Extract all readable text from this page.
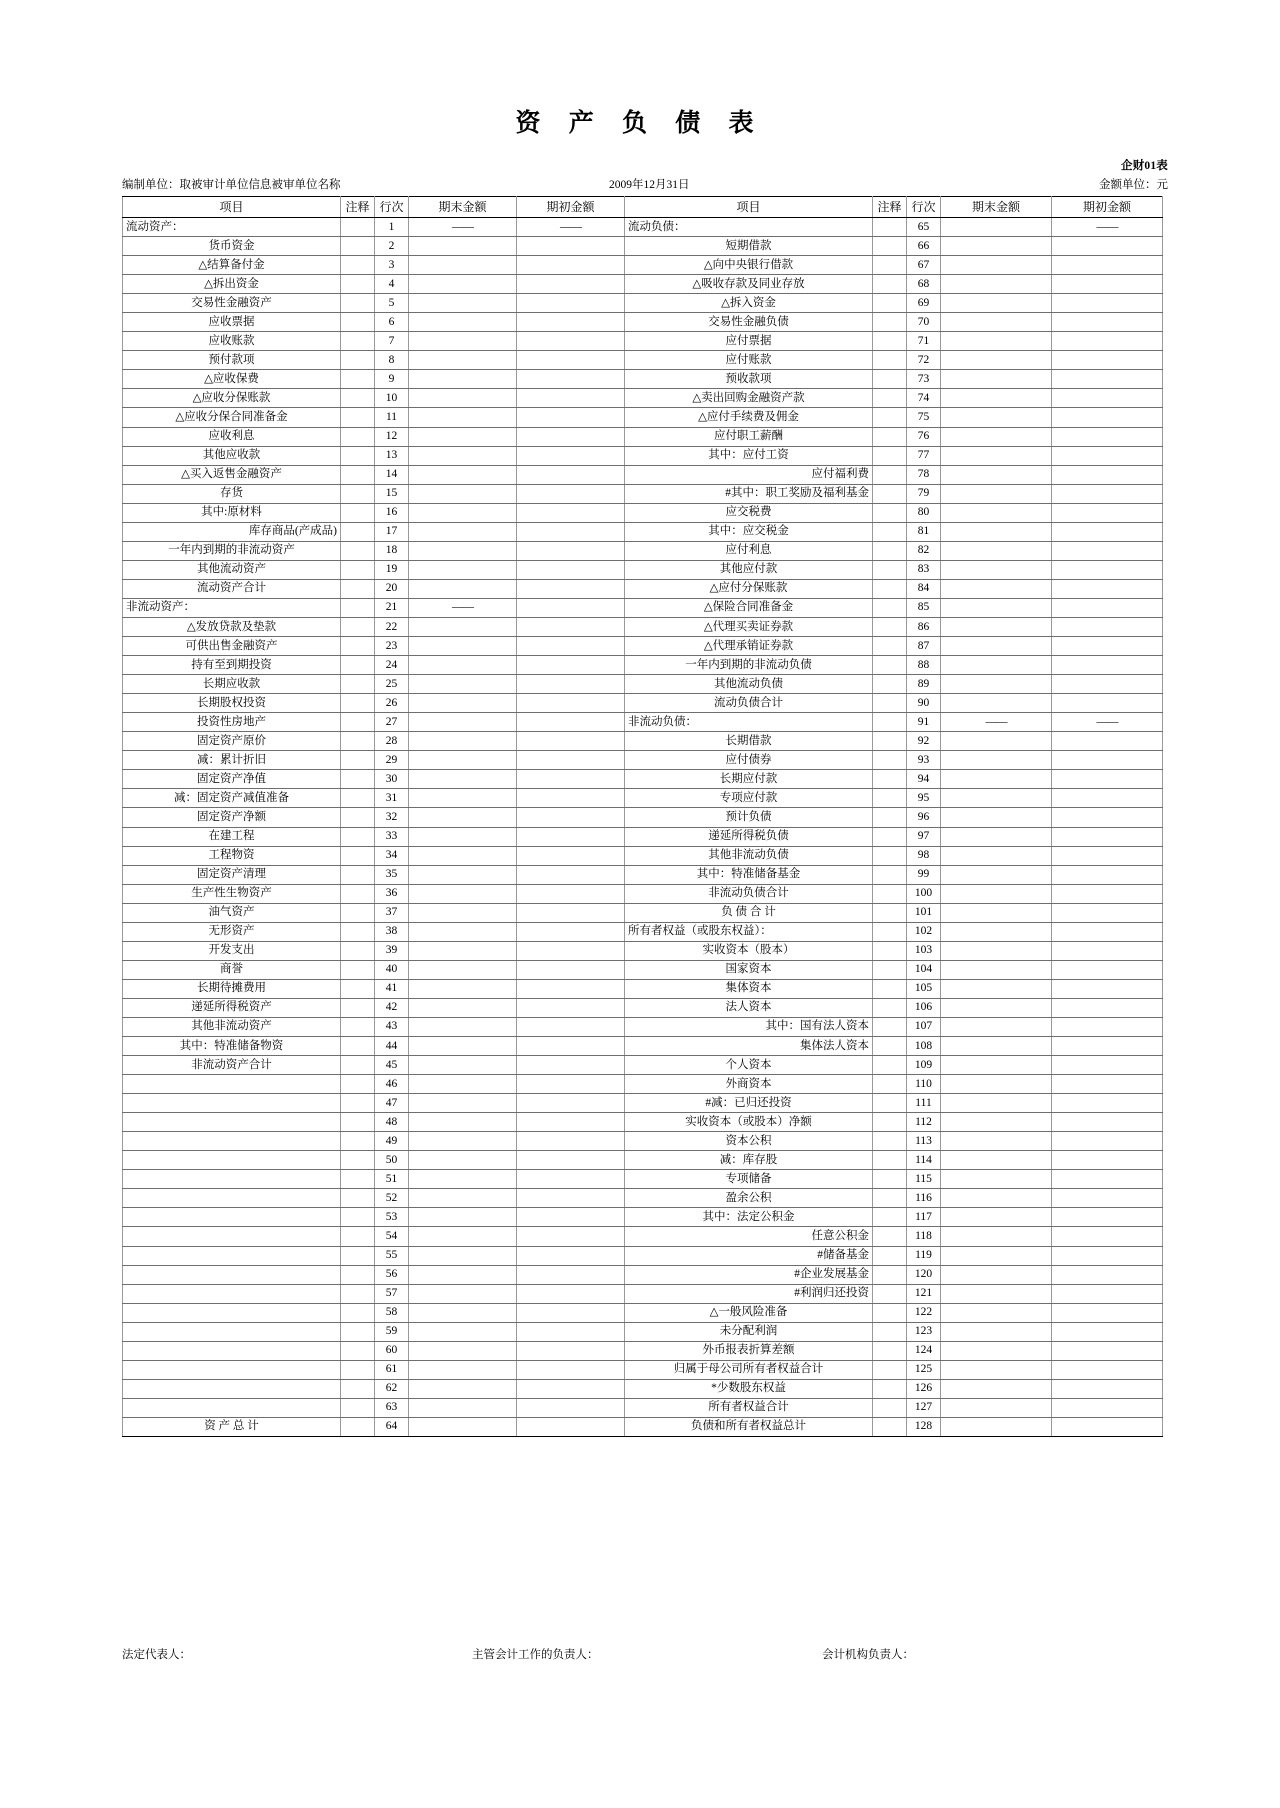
资 产 负 债 表
企财01表
编制单位：取被审计单位信息被审单位名称	2009年12月31日	金额单位：元
项目	注释	行次	期末金额	期初金额	项目	注释	行次	期末金额	期初金额
流动资产：		1	——	——	流动负债：		65		——
货币资金		2			短期借款		66		
△结算备付金		3			△向中央银行借款		67		
△拆出资金		4			△吸收存款及同业存放		68		
交易性金融资产		5			△拆入资金		69		
应收票据		6			交易性金融负债		70		
应收账款		7			应付票据		71		
预付款项		8			应付账款		72		
△应收保费		9			预收款项		73		
△应收分保账款		10			△卖出回购金融资产款		74		
△应收分保合同准备金		11			△应付手续费及佣金		75		
应收利息		12			应付职工薪酬		76		
其他应收款		13			其中：应付工资		77		
△买入返售金融资产		14			应付福利费		78		
存货		15			#其中：职工奖励及福利基金		79		
其中:原材料		16			应交税费		80		
库存商品(产成品)		17			其中：应交税金		81		
一年内到期的非流动资产		18			应付利息		82		
其他流动资产		19			其他应付款		83		
流动资产合计		20			△应付分保账款		84		
非流动资产：		21	——		△保险合同准备金		85		
△发放贷款及垫款		22			△代理买卖证券款		86		
可供出售金融资产		23			△代理承销证券款		87		
持有至到期投资		24			一年内到期的非流动负债		88		
长期应收款		25			其他流动负债		89		
长期股权投资		26			流动负债合计		90		
投资性房地产		27			非流动负债：		91	——	——
固定资产原价		28			长期借款		92		
减：累计折旧		29			应付债券		93		
固定资产净值		30			长期应付款		94		
减：固定资产减值准备		31			专项应付款		95		
固定资产净额		32			预计负债		96		
在建工程		33			递延所得税负债		97		
工程物资		34			其他非流动负债		98		
固定资产清理		35			其中：特准储备基金		99		
生产性生物资产		36			非流动负债合计		100		
油气资产		37			负 债 合 计		101		
无形资产		38			所有者权益（或股东权益）：		102		
开发支出		39			实收资本（股本）		103		
商誉		40			国家资本		104		
长期待摊费用		41			集体资本		105		
递延所得税资产		42			法人资本		106		
其他非流动资产		43			其中：国有法人资本		107		
其中：特准储备物资		44			集体法人资本		108		
非流动资产合计		45			个人资本		109		
		46			外商资本		110		
		47			#减：已归还投资		111		
		48			实收资本（或股本）净额		112		
		49			资本公积		113		
		50			减：库存股		114		
		51			专项储备		115		
		52			盈余公积		116		
		53			其中：法定公积金		117		
		54			任意公积金		118		
		55			#储备基金		119		
		56			#企业发展基金		120		
		57			#利润归还投资		121		
		58			△一般风险准备		122		
		59			未分配利润		123		
		60			外币报表折算差额		124		
		61			归属于母公司所有者权益合计		125		
		62			*少数股东权益		126		
		63			所有者权益合计		127		
资 产 总 计		64			负债和所有者权益总计		128		
法定代表人：	主管会计工作的负责人：	会计机构负责人：
